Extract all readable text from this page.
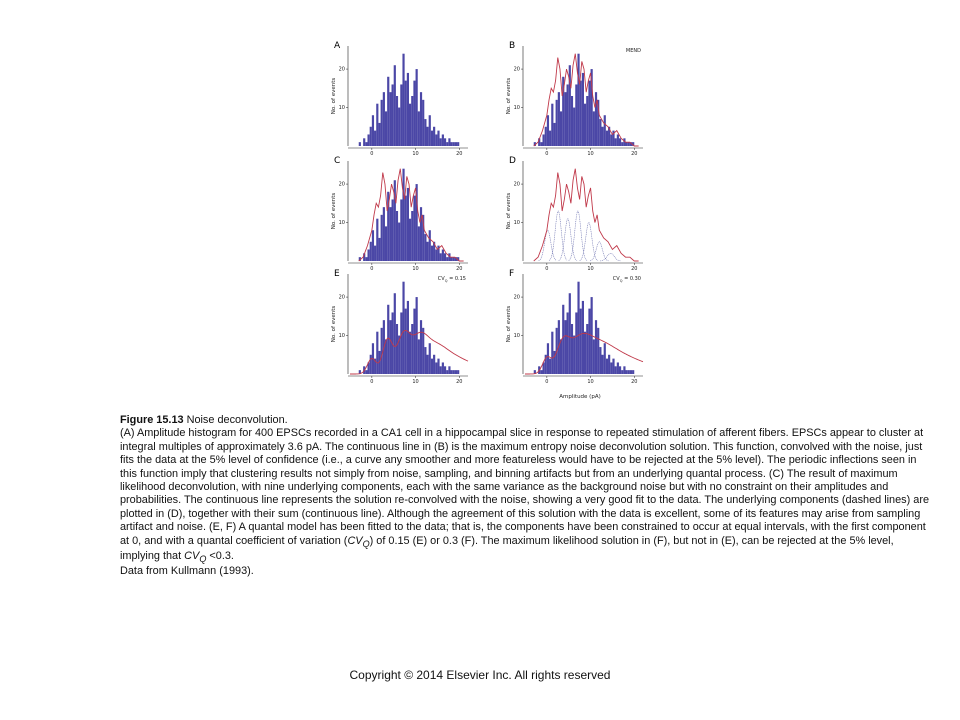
A
10
20
0	10	20
No. of events
B	MEND
10
20
0	10	20
No. of events
C
10
20
0	10	20
No. of events
D
10
20
0	10	20
No. of events
E	$CV_Q = 0.15$
10
20
0	10	20
No. of events
F	$CV_Q = 0.30$
10
20
0	10	20
No. of events
Amplitude (pA)

Figure 15.13 Noise deconvolution.

(A) Amplitude histogram for 400 EPSCs recorded in a CA1 cell in a hippocampal slice in response to repeated stimulation of afferent fibers. EPSCs appear to cluster at integral multiples of approximately 3.6 pA. The continuous line in (B) is the maximum entropy noise deconvolution solution. This function, convolved with the noise, just fits the data at the 5% level of confidence (i.e., a curve any smoother and more featureless would have to be rejected at the 5% level). The periodic inflections seen in this function imply that clustering results not simply from noise, sampling, and binning artifacts but from an underlying quantal process. (C) The result of maximum likelihood deconvolution, with nine underlying components, each with the same variance as the background noise but with no constraint on their amplitudes and probabilities. The continuous line represents the solution re-convolved with the noise, showing a very good fit to the data. The underlying components (dashed lines) are plotted in (D), together with their sum (continuous line). Although the agreement of this solution with the data is excellent, some of its features may arise from sampling artifact and noise. (E, F) A quantal model has been fitted to the data; that is, the components have been constrained to occur at equal intervals, with the first component at 0, and with a quantal coefficient of variation $(CV_Q)$ of 0.15 (E) or 0.3 (F). The maximum likelihood solution in (F), but not in (E), can be rejected at the 5% level, implying that $CV_Q <0.3$.

Data from Kullmann (1993).

Copyright © 2014 Elsevier Inc. All rights reserved
